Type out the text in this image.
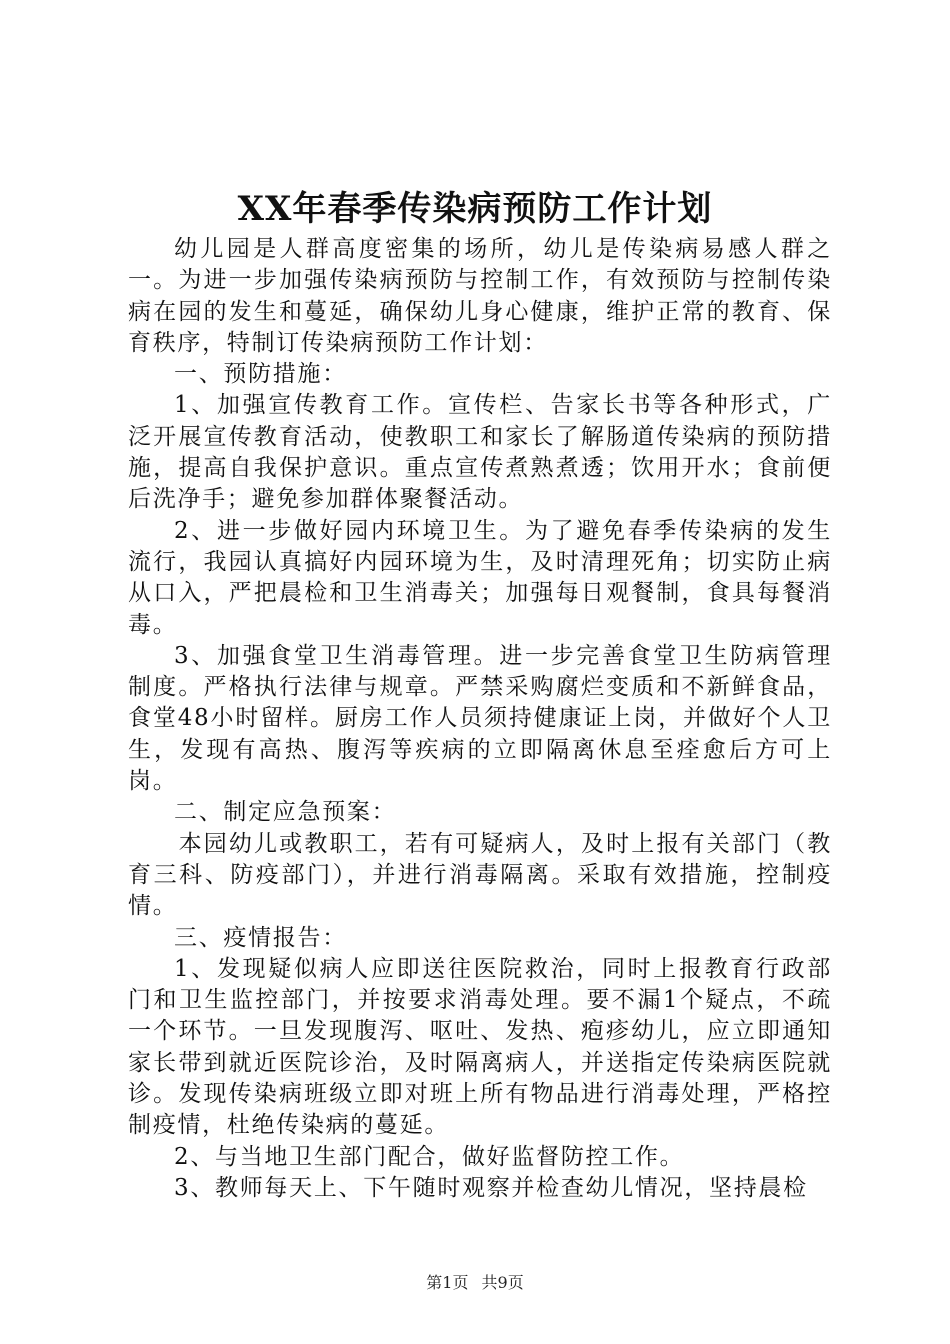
XX年春季传染病预防工作计划

幼儿园是人群高度密集的场所，幼儿是传染病易感人群之一。为进一步加强传染病预防与控制工作，有效预防与控制传染病在园的发生和蔓延，确保幼儿身心健康，维护正常的教育、保育秩序，特制订传染病预防工作计划：

一、预防措施：

1、加强宣传教育工作。宣传栏、告家长书等各种形式，广泛开展宣传教育活动，使教职工和家长了解肠道传染病的预防措施，提高自我保护意识。重点宣传煮熟煮透；饮用开水；食前便后洗净手；避免参加群体聚餐活动。

2、进一步做好园内环境卫生。为了避免春季传染病的发生流行，我园认真搞好内园环境为生，及时清理死角；切实防止病从口入，严把晨检和卫生消毒关；加强每日观餐制，食具每餐消毒。

3、加强食堂卫生消毒管理。进一步完善食堂卫生防病管理制度。严格执行法律与规章。严禁采购腐烂变质和不新鲜食品，食堂48小时留样。厨房工作人员须持健康证上岗，并做好个人卫生，发现有高热、腹泻等疾病的立即隔离休息至痊愈后方可上岗。

二、制定应急预案：

本园幼儿或教职工，若有可疑病人，及时上报有关部门（教育三科、防疫部门），并进行消毒隔离。采取有效措施，控制疫情。

三、疫情报告：

1、发现疑似病人应即送往医院救治，同时上报教育行政部门和卫生监控部门，并按要求消毒处理。要不漏1个疑点，不疏一个环节。一旦发现腹泻、呕吐、发热、疱疹幼儿，应立即通知家长带到就近医院诊治，及时隔离病人，并送指定传染病医院就诊。发现传染病班级立即对班上所有物品进行消毒处理，严格控制疫情，杜绝传染病的蔓延。

2、与当地卫生部门配合，做好监督防控工作。

3、教师每天上、下午随时观察并检查幼儿情况，坚持晨检

第1页 共9页
